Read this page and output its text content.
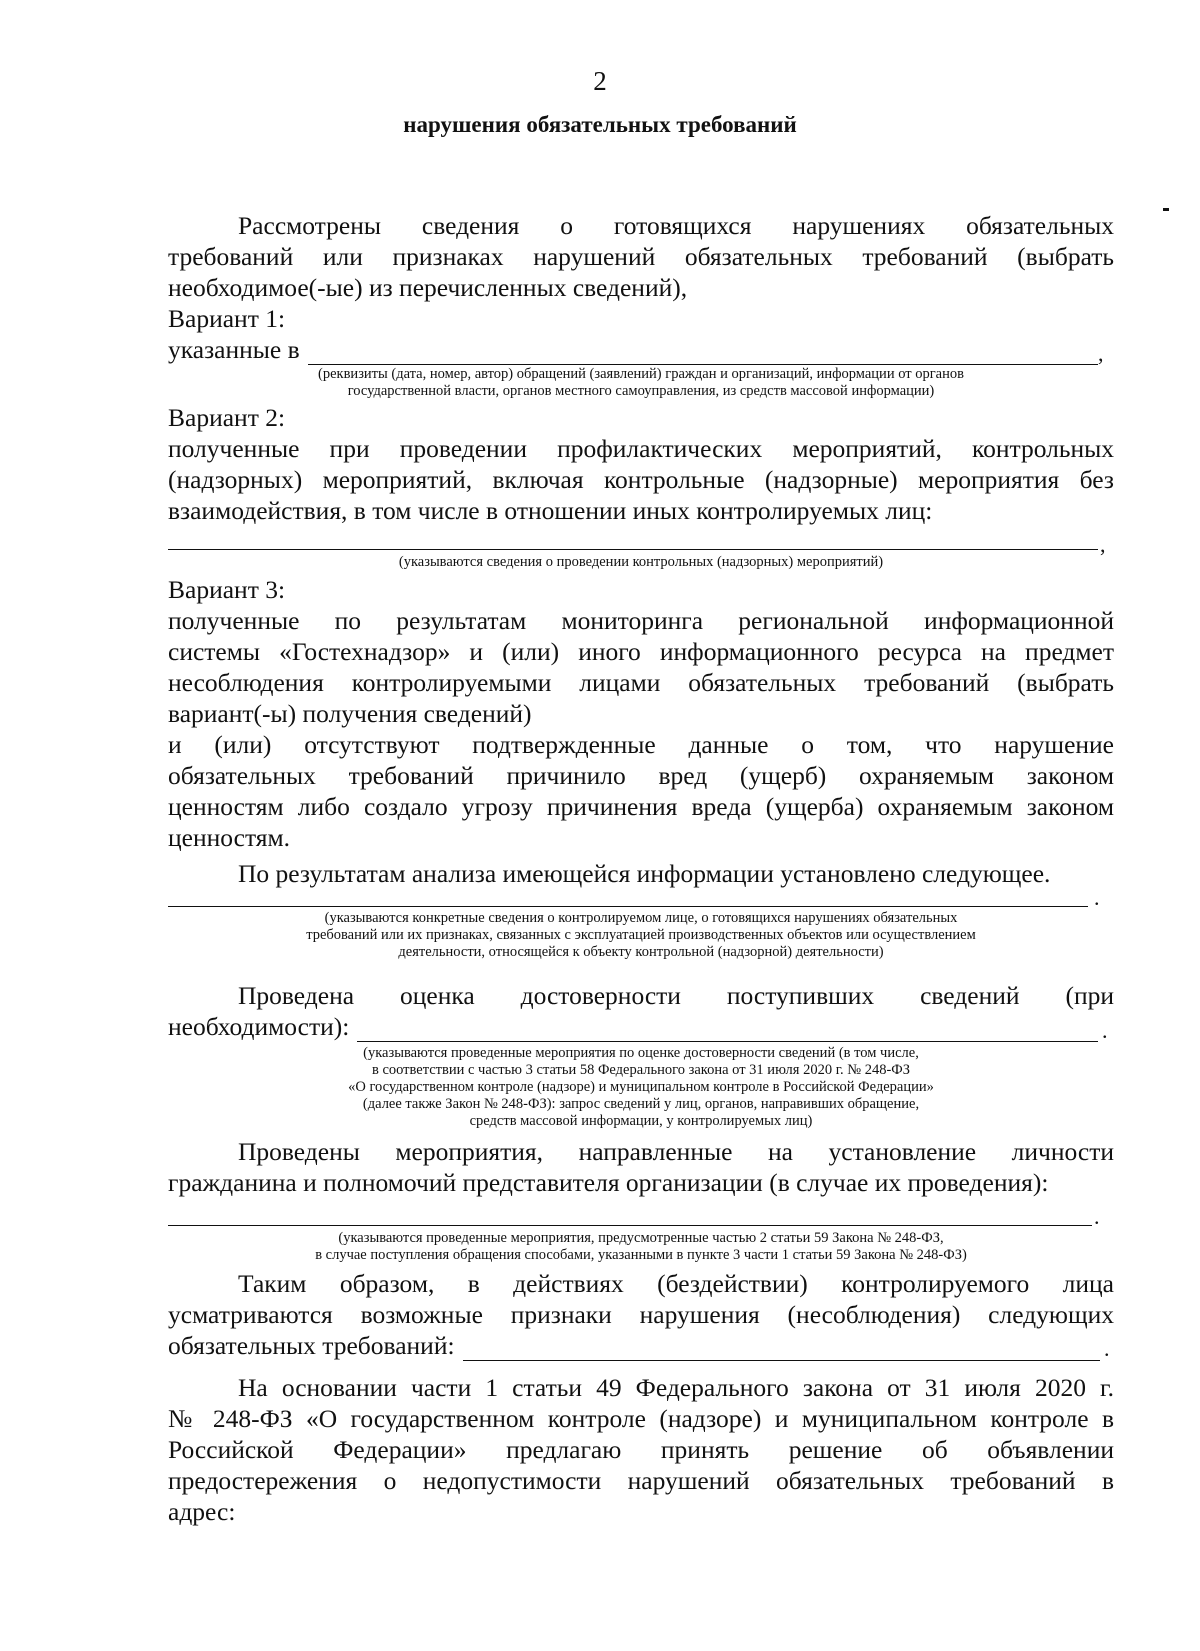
2
нарушения обязательных требований
Рассмотрены сведения о готовящихся нарушениях обязательных
требований или признаках нарушений обязательных требований (выбрать
необходимое(-ые) из перечисленных сведений),
Вариант 1:
указанные в	,
(реквизиты (дата, номер, автор) обращений (заявлений) граждан и организаций, информации от органов
государственной власти, органов местного самоуправления, из средств массовой информации)
Вариант 2:
полученные при проведении профилактических мероприятий, контрольных
(надзорных) мероприятий, включая контрольные (надзорные) мероприятия без
взаимодействия, в том числе в отношении иных контролируемых лиц:
,
(указываются сведения о проведении контрольных (надзорных) мероприятий)
Вариант 3:
полученные по результатам мониторинга региональной информационной
системы «Гостехнадзор» и (или) иного информационного ресурса на предмет
несоблюдения контролируемыми лицами обязательных требований (выбрать
вариант(-ы) получения сведений)
и (или) отсутствуют подтвержденные данные о том, что нарушение
обязательных требований причинило вред (ущерб) охраняемым законом
ценностям либо создало угрозу причинения вреда (ущерба) охраняемым законом
ценностям.
По результатам анализа имеющейся информации установлено следующее.
.
(указываются конкретные сведения о контролируемом лице, о готовящихся нарушениях обязательных
требований или их признаках, связанных с эксплуатацией производственных объектов или осуществлением
деятельности, относящейся к объекту контрольной (надзорной) деятельности)
Проведена оценка достоверности поступивших сведений (при
необходимости):	.
(указываются проведенные мероприятия по оценке достоверности сведений (в том числе,
в соответствии с частью 3 статьи 58 Федерального закона от 31 июля 2020 г. № 248-ФЗ
«О государственном контроле (надзоре) и муниципальном контроле в Российской Федерации»
(далее также Закон № 248-ФЗ): запрос сведений у лиц, органов, направивших обращение,
средств массовой информации, у контролируемых лиц)
Проведены мероприятия, направленные на установление личности
гражданина и полномочий представителя организации (в случае их проведения):
.
(указываются проведенные мероприятия, предусмотренные частью 2 статьи 59 Закона № 248-ФЗ,
в случае поступления обращения способами, указанными в пункте 3 части 1 статьи 59 Закона № 248-ФЗ)
Таким образом, в действиях (бездействии) контролируемого лица
усматриваются возможные признаки нарушения (несоблюдения) следующих
обязательных требований:	.
На основании части 1 статьи 49 Федерального закона от 31 июля 2020 г.
№ 248-ФЗ «О государственном контроле (надзоре) и муниципальном контроле в
Российской Федерации» предлагаю принять решение об объявлении
предостережения о недопустимости нарушений обязательных требований в
адрес:
